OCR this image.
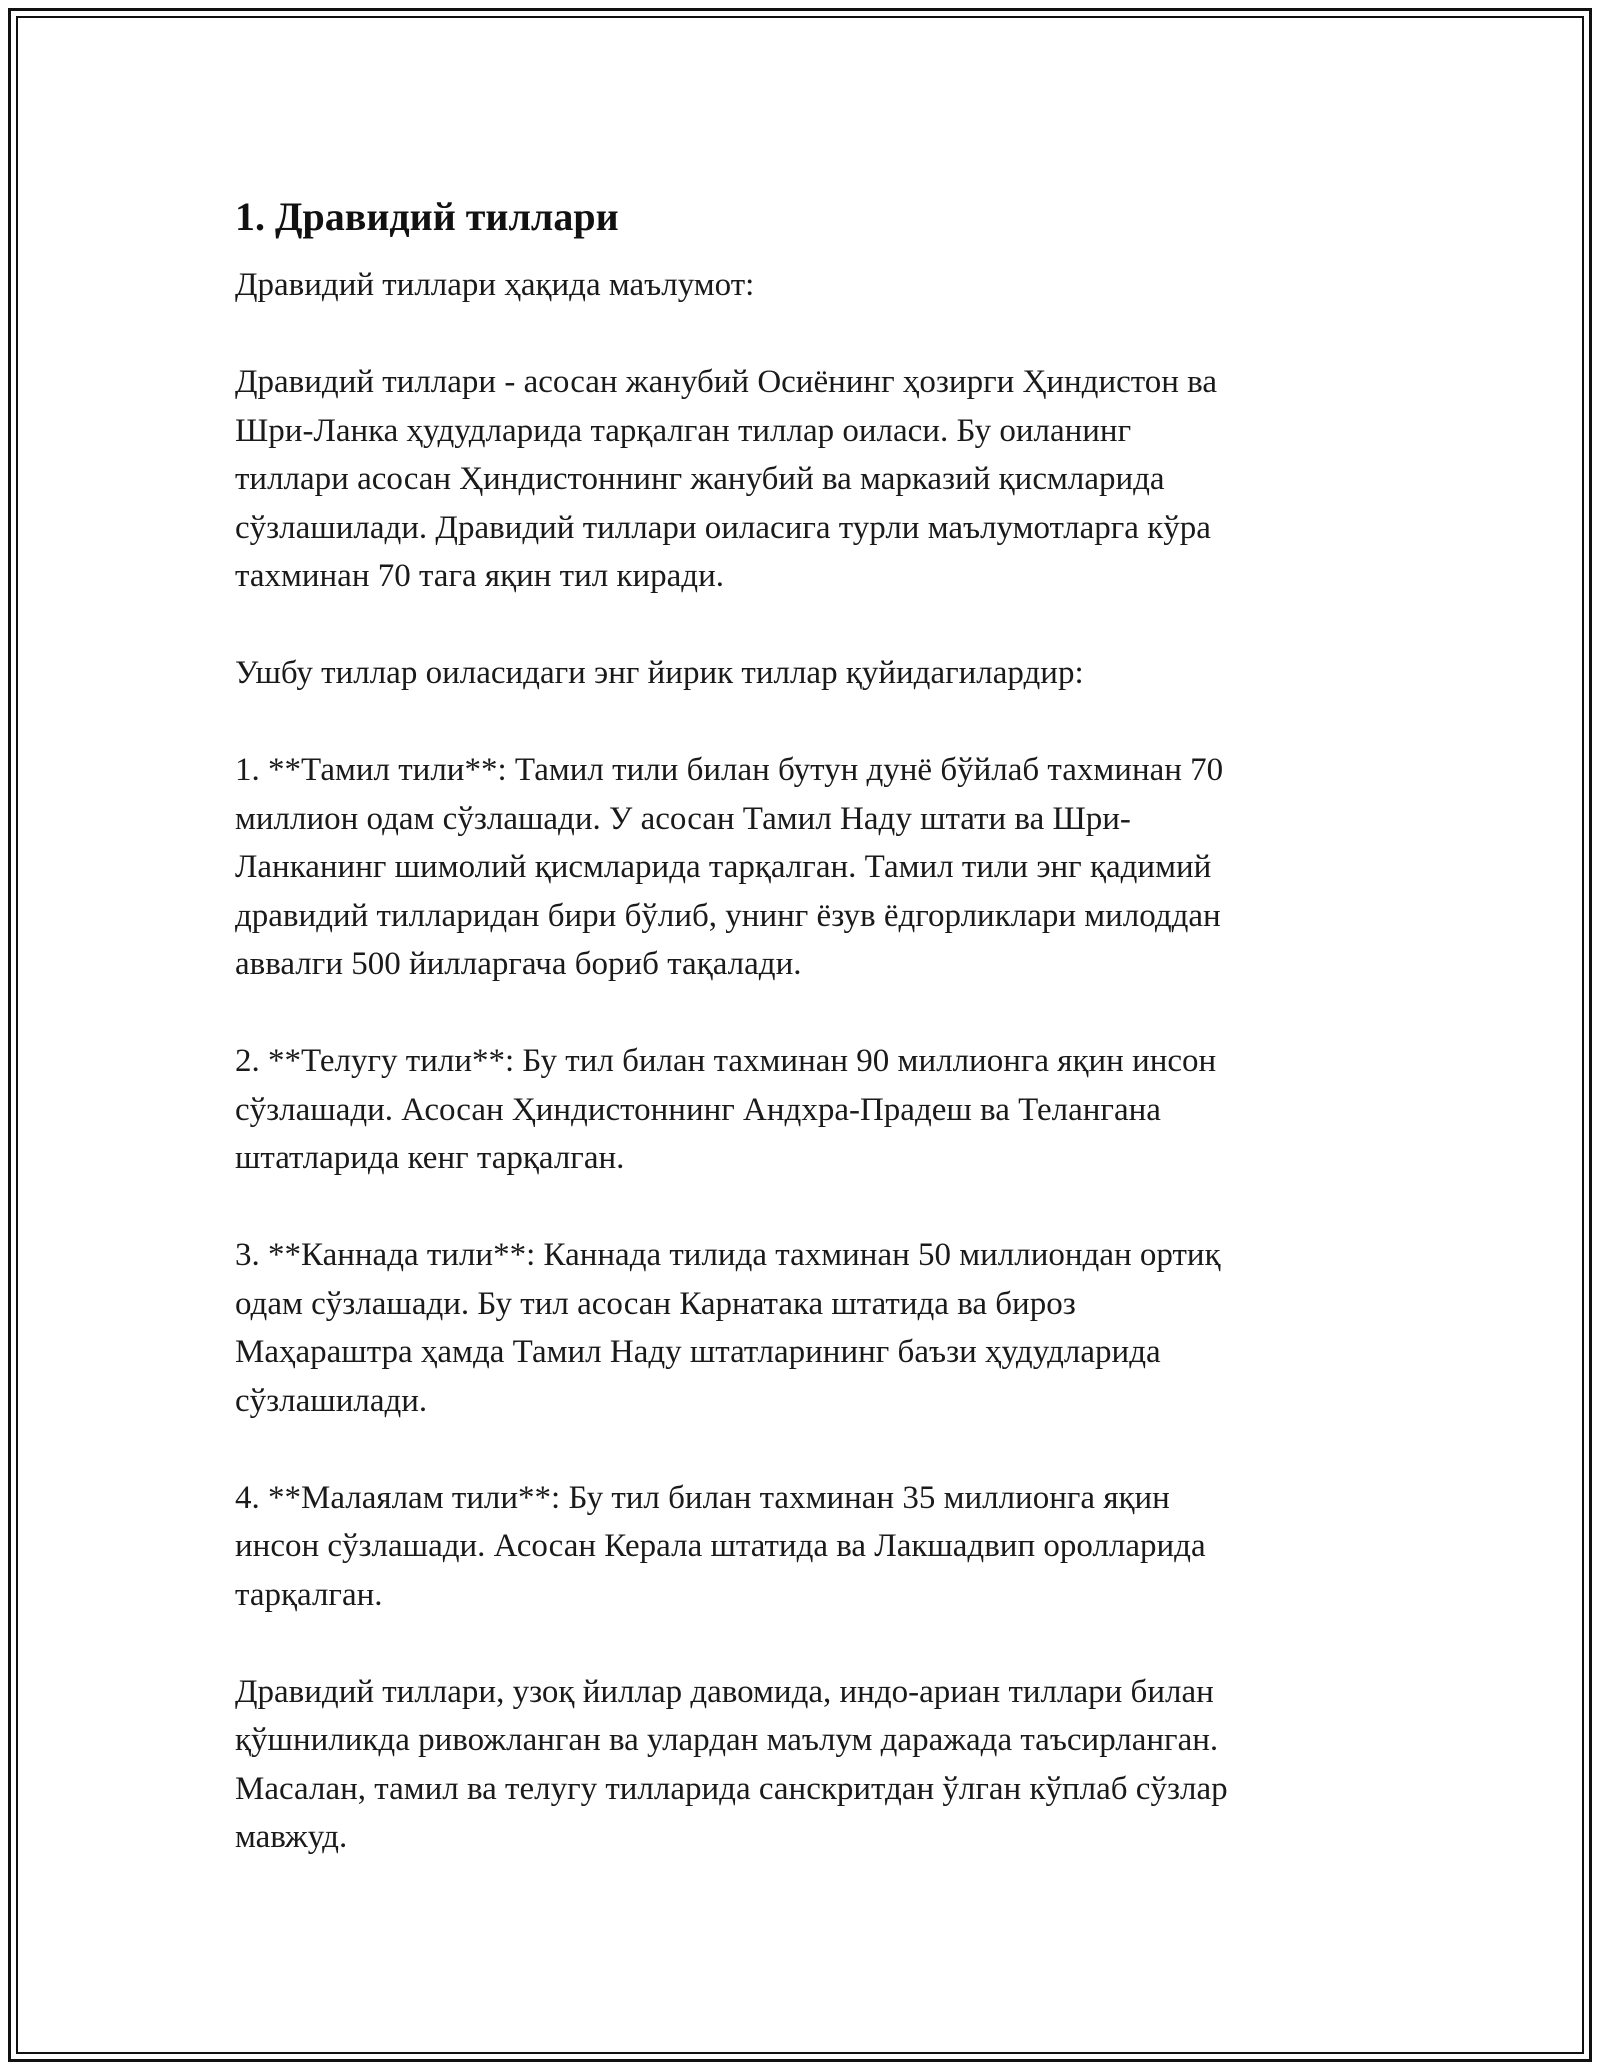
1. Дравидий тиллари

Дравидий тиллари ҳақида маълумот:

Дравидий тиллари - асосан жанубий Осиёнинг ҳозирги Ҳиндистон ва
Шри-Ланка ҳудудларида тарқалган тиллар оиласи. Бу оиланинг
тиллари асосан Ҳиндистоннинг жанубий ва марказий қисмларида
сўзлашилади. Дравидий тиллари оиласига турли маълумотларга кўра
тахминан 70 тага яқин тил киради.

Ушбу тиллар оиласидаги энг йирик тиллар қуйидагилардир:

1. **Тамил тили**: Тамил тили билан бутун дунё бўйлаб тахминан 70
миллион одам сўзлашади. У асосан Тамил Наду штати ва Шри-
Ланканинг шимолий қисмларида тарқалган. Тамил тили энг қадимий
дравидий тилларидан бири бўлиб, унинг ёзув ёдгорликлари милоддан
аввалги 500 йилларгача бориб тақалади.

2. **Телугу тили**: Бу тил билан тахминан 90 миллионга яқин инсон
сўзлашади. Асосан Ҳиндистоннинг Андхра-Прадеш ва Телангана
штатларида кенг тарқалган.

3. **Каннада тили**: Каннада тилида тахминан 50 миллиондан ортиқ
одам сўзлашади. Бу тил асосан Карнатака штатида ва бироз
Маҳараштра ҳамда Тамил Наду штатларининг баъзи ҳудудларида
сўзлашилади.

4. **Малаялам тили**: Бу тил билан тахминан 35 миллионга яқин
инсон сўзлашади. Асосан Керала штатида ва Лакшадвип оролларида
тарқалган.

Дравидий тиллари, узоқ йиллар давомида, индо-ариан тиллари билан
қўшниликда ривожланган ва улардан маълум даражада таъсирланган.
Масалан, тамил ва телугу тилларида санскритдан ўлган кўплаб сўзлар
мавжуд.
